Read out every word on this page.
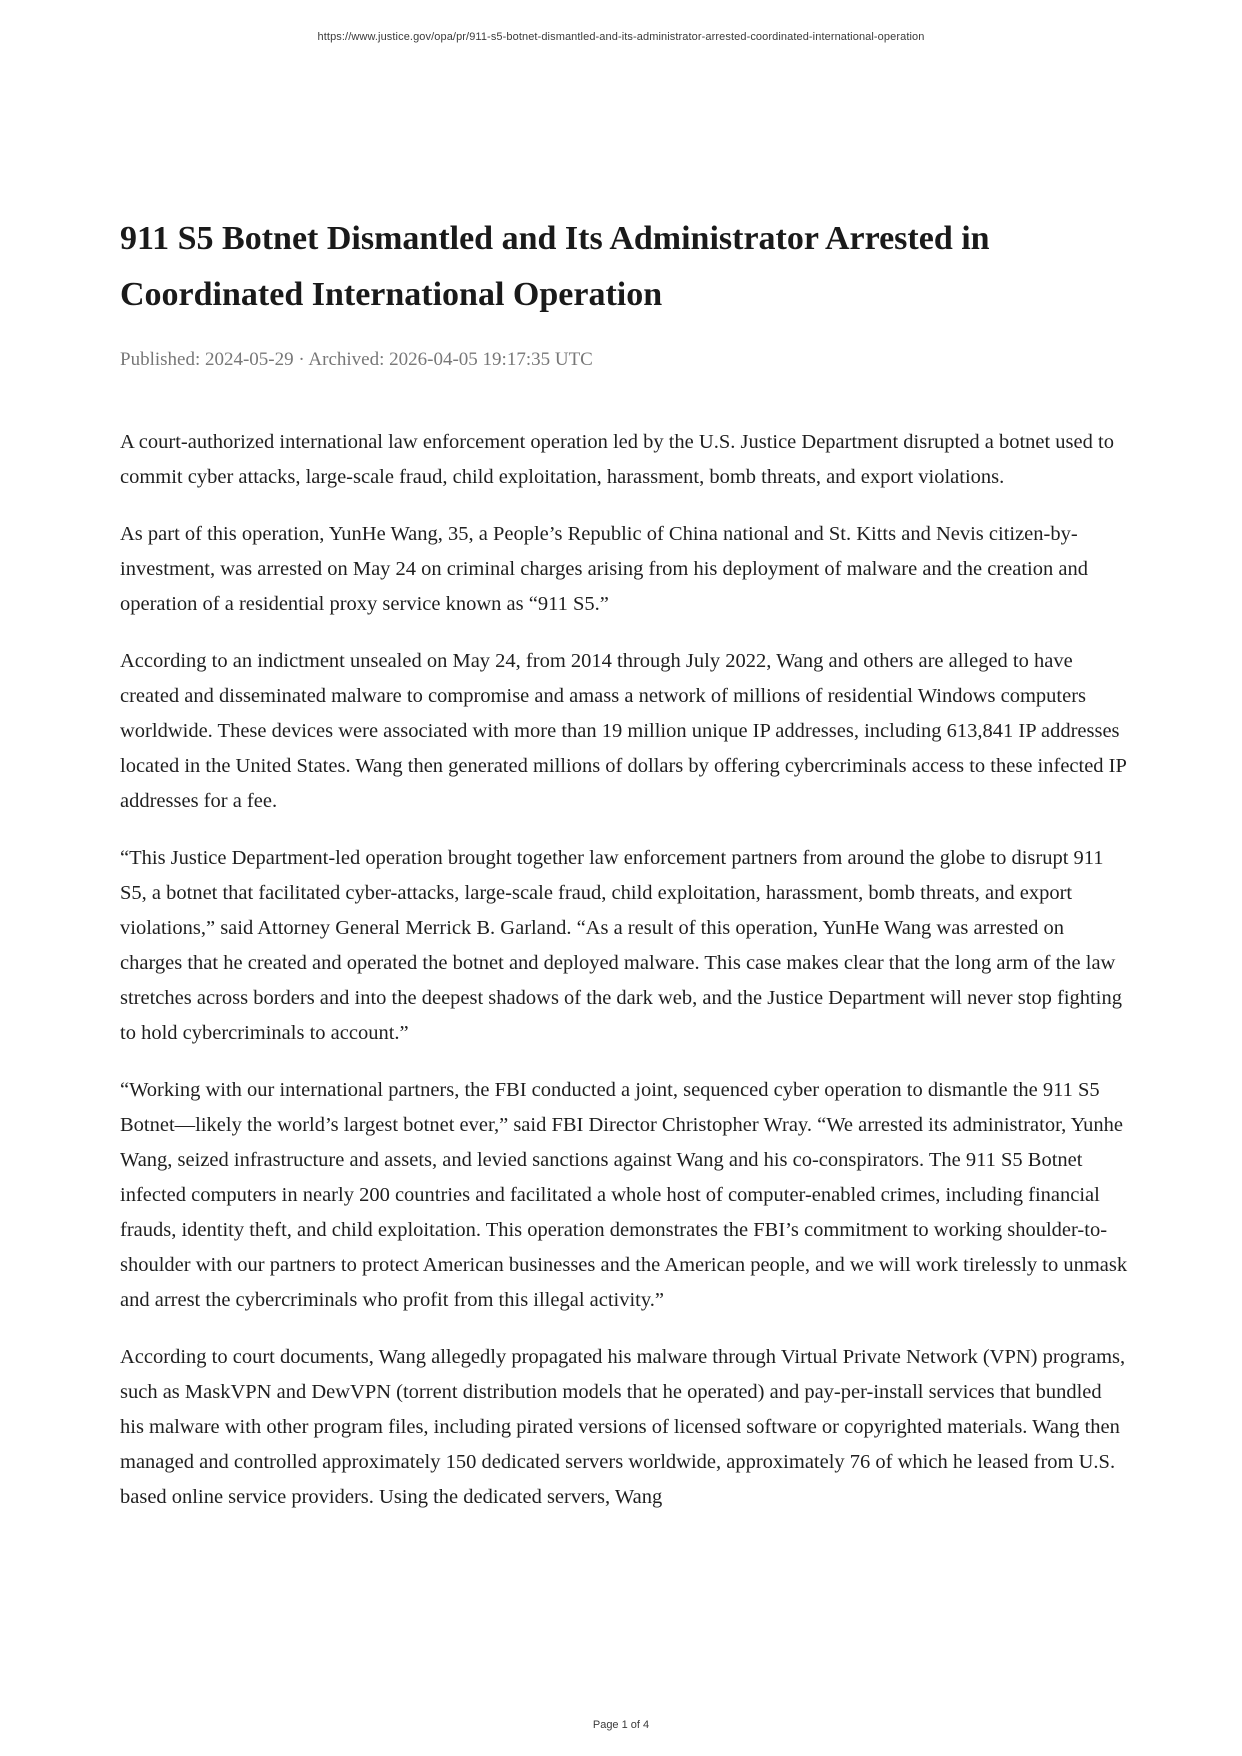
https://www.justice.gov/opa/pr/911-s5-botnet-dismantled-and-its-administrator-arrested-coordinated-international-operation
911 S5 Botnet Dismantled and Its Administrator Arrested in Coordinated International Operation
Published: 2024-05-29 · Archived: 2026-04-05 19:17:35 UTC

A court-authorized international law enforcement operation led by the U.S. Justice Department disrupted a botnet used to commit cyber attacks, large-scale fraud, child exploitation, harassment, bomb threats, and export violations.

As part of this operation, YunHe Wang, 35, a People’s Republic of China national and St. Kitts and Nevis citizen-by-investment, was arrested on May 24 on criminal charges arising from his deployment of malware and the creation and operation of a residential proxy service known as “911 S5.”

According to an indictment unsealed on May 24, from 2014 through July 2022, Wang and others are alleged to have created and disseminated malware to compromise and amass a network of millions of residential Windows computers worldwide. These devices were associated with more than 19 million unique IP addresses, including 613,841 IP addresses located in the United States. Wang then generated millions of dollars by offering cybercriminals access to these infected IP addresses for a fee.

“This Justice Department-led operation brought together law enforcement partners from around the globe to disrupt 911 S5, a botnet that facilitated cyber-attacks, large-scale fraud, child exploitation, harassment, bomb threats, and export violations,” said Attorney General Merrick B. Garland. “As a result of this operation, YunHe Wang was arrested on charges that he created and operated the botnet and deployed malware. This case makes clear that the long arm of the law stretches across borders and into the deepest shadows of the dark web, and the Justice Department will never stop fighting to hold cybercriminals to account.”

“Working with our international partners, the FBI conducted a joint, sequenced cyber operation to dismantle the 911 S5 Botnet—likely the world’s largest botnet ever,” said FBI Director Christopher Wray. “We arrested its administrator, Yunhe Wang, seized infrastructure and assets, and levied sanctions against Wang and his co-conspirators. The 911 S5 Botnet infected computers in nearly 200 countries and facilitated a whole host of computer-enabled crimes, including financial frauds, identity theft, and child exploitation. This operation demonstrates the FBI’s commitment to working shoulder-to-shoulder with our partners to protect American businesses and the American people, and we will work tirelessly to unmask and arrest the cybercriminals who profit from this illegal activity.”

According to court documents, Wang allegedly propagated his malware through Virtual Private Network (VPN) programs, such as MaskVPN and DewVPN (torrent distribution models that he operated) and pay-per-install services that bundled his malware with other program files, including pirated versions of licensed software or copyrighted materials. Wang then managed and controlled approximately 150 dedicated servers worldwide, approximately 76 of which he leased from U.S. based online service providers. Using the dedicated servers, Wang

Page 1 of 4
